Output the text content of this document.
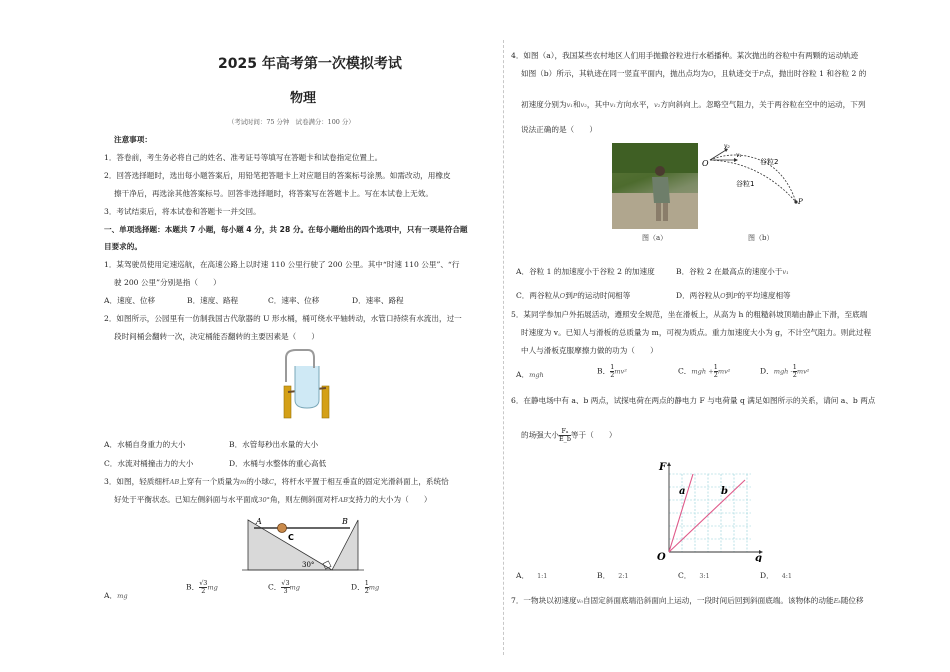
2025 年高考第一次模拟考试
物理
（考试时间：75 分钟　试卷满分：100 分）
注意事项：
1．答卷前，考生务必将自己的姓名、准考证号等填写在答题卡和试卷指定位置上。
2．回答选择题时，选出每小题答案后，用铅笔把答题卡上对应题目的答案标号涂黑。如需改动，用橡皮
擦干净后，再选涂其他答案标号。回答非选择题时，将答案写在答题卡上。写在本试卷上无效。
3．考试结束后，将本试卷和答题卡一并交回。
一、单项选择题：本题共 7 小题，每小题 4 分，共 28 分。在每小题给出的四个选项中，只有一项是符合题
目要求的。
1．某驾驶员使用定速巡航，在高速公路上以时速 110 公里行驶了 200 公里。其中“时速 110 公里”、“行
驶 200 公里”分别是指（　　）
A．速度、位移	B．速度、路程	C．速率、位移	D．速率、路程
2．如图所示，公园里有一仿制我国古代欹器的 U 形水桶，桶可绕水平轴转动，水管口持续有水流出，过一
段时间桶会翻转一次，决定桶能否翻转的主要因素是（　　）
A．水桶自身重力的大小	B．水管每秒出水量的大小
C．水流对桶撞击力的大小	D．水桶与水整体的重心高低
3．如图，轻质细杆AB上穿有一个质量为m的小球C，将杆水平置于相互垂直的固定光滑斜面上，系统恰
好处于平衡状态。已知左侧斜面与水平面成30°角，则左侧斜面对杆AB支持力的大小为（　　）
A	B
C
30°
A．mg
B． $\frac{√3}{2}$ mg	C． $\frac{√3}{3}$ mg	D． $\frac{1}{2}$ mg
4．如图（a），我国某些农村地区人们用手抛撒谷粒进行水稻播种。某次抛出的谷粒中有两颗的运动轨迹
如图（b）所示，其轨迹在同一竖直平面内，抛出点均为O，且轨迹交于P点，抛出时谷粒 1 和谷粒 2 的
初速度分别为v₁和v₂，其中v₁方向水平，v₂方向斜向上。忽略空气阻力，关于两谷粒在空中的运动，下列
说法正确的是（　　）
图（a）
O
v₂
v₁
谷粒2
谷粒1
P
图（b）
A．谷粒 1 的加速度小于谷粒 2 的加速度	B．谷粒 2 在最高点的速度小于v₁
C．两谷粒从O到P的运动时间相等	D．两谷粒从O到P的平均速度相等
5．某同学参加户外拓展活动，遵照安全规范，坐在滑板上，从高为 h 的粗糙斜坡顶端由静止下滑，至底端
时速度为 v。已知人与滑板的总质量为 m，可视为质点。重力加速度大小为 g，不计空气阻力。则此过程
中人与滑板克服摩擦力做的功为（　　）
A．mgh	B． $\frac{1}{2} mv^2$	C．mgh + $\frac{1}{2} mv^2$	D．mgh - $\frac{1}{2} mv^2$
6．在静电场中有 a、b 两点，试探电荷在两点的静电力 F 与电荷量 q 满足如图所示的关系，请问 a、b 两点
的场强大小 $\frac{\text{Fₐ}}{E\_b}$ 等于（　　）
F
q
O
a	b
A． 1:1	B． 2:1	C． 3:1	D． 4:1
7．一物块以初速度v₀自固定斜面底端沿斜面向上运动，一段时间后回到斜面底端。该物体的动能Eₖ随位移
